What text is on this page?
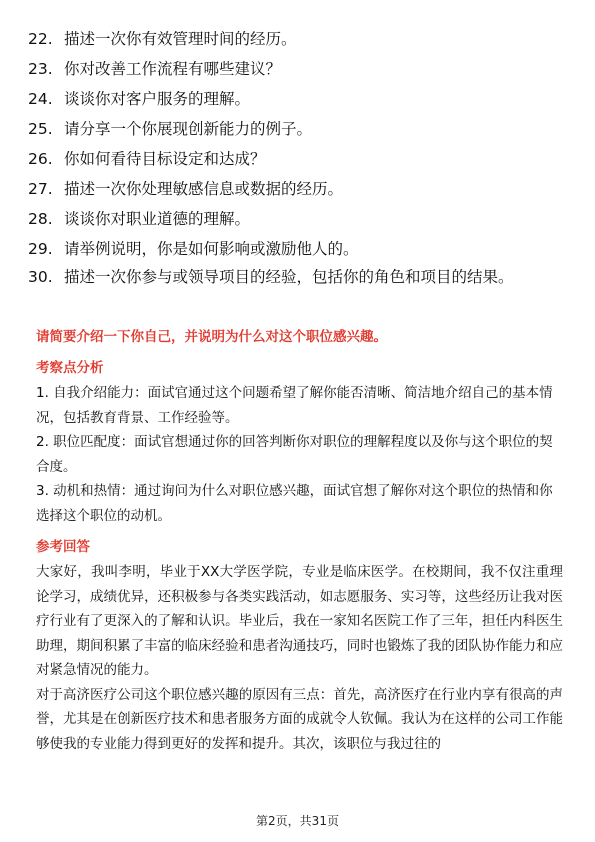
22. 描述一次你有效管理时间的经历。
23. 你对改善工作流程有哪些建议？
24. 谈谈你对客户服务的理解。
25. 请分享一个你展现创新能力的例子。
26. 你如何看待目标设定和达成？
27. 描述一次你处理敏感信息或数据的经历。
28. 谈谈你对职业道德的理解。
29. 请举例说明，你是如何影响或激励他人的。
30. 描述一次你参与或领导项目的经验，包括你的角色和项目的结果。

请简要介绍一下你自己，并说明为什么对这个职位感兴趣。

考察点分析

1. 自我介绍能力：面试官通过这个问题希望了解你能否清晰、简洁地介绍自己的基本情况，包括教育背景、工作经验等。

2. 职位匹配度：面试官想通过你的回答判断你对职位的理解程度以及你与这个职位的契合度。

3. 动机和热情：通过询问为什么对职位感兴趣，面试官想了解你对这个职位的热情和你选择这个职位的动机。

参考回答

大家好，我叫李明，毕业于XX大学医学院，专业是临床医学。在校期间，我不仅注重理论学习，成绩优异，还积极参与各类实践活动，如志愿服务、实习等，这些经历让我对医疗行业有了更深入的了解和认识。毕业后，我在一家知名医院工作了三年，担任内科医生助理，期间积累了丰富的临床经验和患者沟通技巧，同时也锻炼了我的团队协作能力和应对紧急情况的能力。

对于高济医疗公司这个职位感兴趣的原因有三点：首先，高济医疗在行业内享有很高的声誉，尤其是在创新医疗技术和患者服务方面的成就令人钦佩。我认为在这样的公司工作能够使我的专业能力得到更好的发挥和提升。其次，该职位与我过往的

第2页，共31页
